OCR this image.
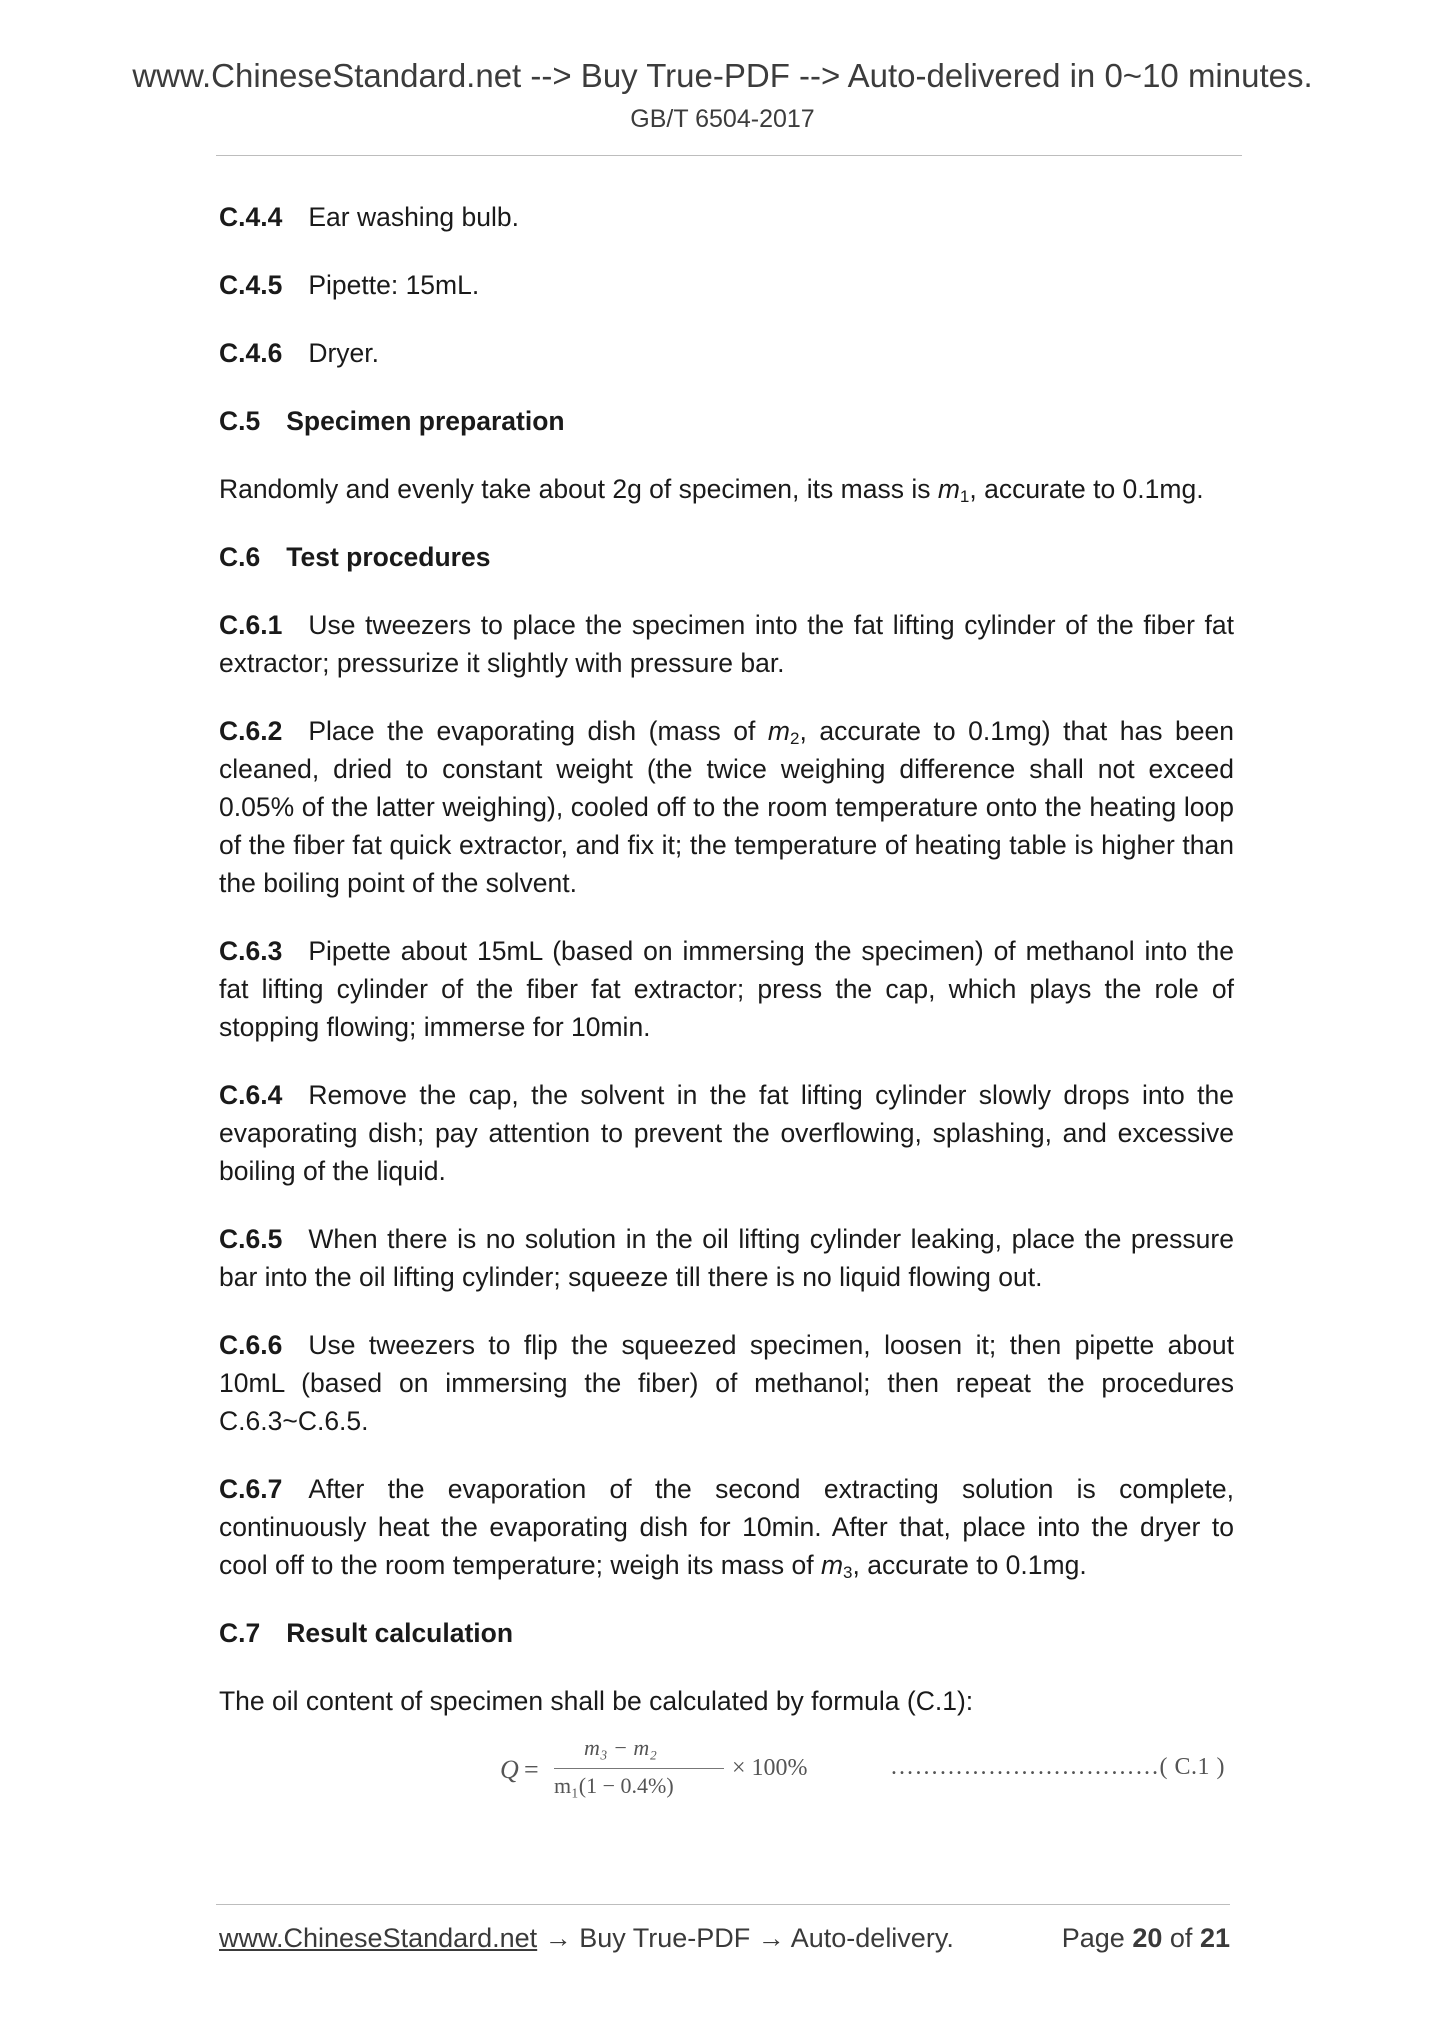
www.ChineseStandard.net --> Buy True-PDF --> Auto-delivered in 0~10 minutes.
GB/T 6504-2017

C.4.4 Ear washing bulb.

C.4.5 Pipette: 15mL.

C.4.6 Dryer.

C.5 Specimen preparation

Randomly and evenly take about 2g of specimen, its mass is $m_1$, accurate to 0.1mg.

C.6 Test procedures

C.6.1 Use tweezers to place the specimen into the fat lifting cylinder of the fiber fat extractor; pressurize it slightly with pressure bar.

C.6.2 Place the evaporating dish (mass of $m_2$, accurate to 0.1mg) that has been cleaned, dried to constant weight (the twice weighing difference shall not exceed 0.05% of the latter weighing), cooled off to the room temperature onto the heating loop of the fiber fat quick extractor, and fix it; the temperature of heating table is higher than the boiling point of the solvent.

C.6.3 Pipette about 15mL (based on immersing the specimen) of methanol into the fat lifting cylinder of the fiber fat extractor; press the cap, which plays the role of stopping flowing; immerse for 10min.

C.6.4 Remove the cap, the solvent in the fat lifting cylinder slowly drops into the evaporating dish; pay attention to prevent the overflowing, splashing, and excessive boiling of the liquid.

C.6.5 When there is no solution in the oil lifting cylinder leaking, place the pressure bar into the oil lifting cylinder; squeeze till there is no liquid flowing out.

C.6.6 Use tweezers to flip the squeezed specimen, loosen it; then pipette about 10mL (based on immersing the fiber) of methanol; then repeat the procedures C.6.3~C.6.5.

C.6.7 After the evaporation of the second extracting solution is complete, continuously heat the evaporating dish for 10min. After that, place into the dryer to cool off to the room temperature; weigh its mass of $m_3$, accurate to 0.1mg.

C.7 Result calculation

The oil content of specimen shall be calculated by formula (C.1):

Q =
m₃ − m₂
m₁(1 − 0.4%)
× 100%	……………………………( C.1 )
www.ChineseStandard.net → Buy True-PDF → Auto-delivery.	Page 20 of 21
